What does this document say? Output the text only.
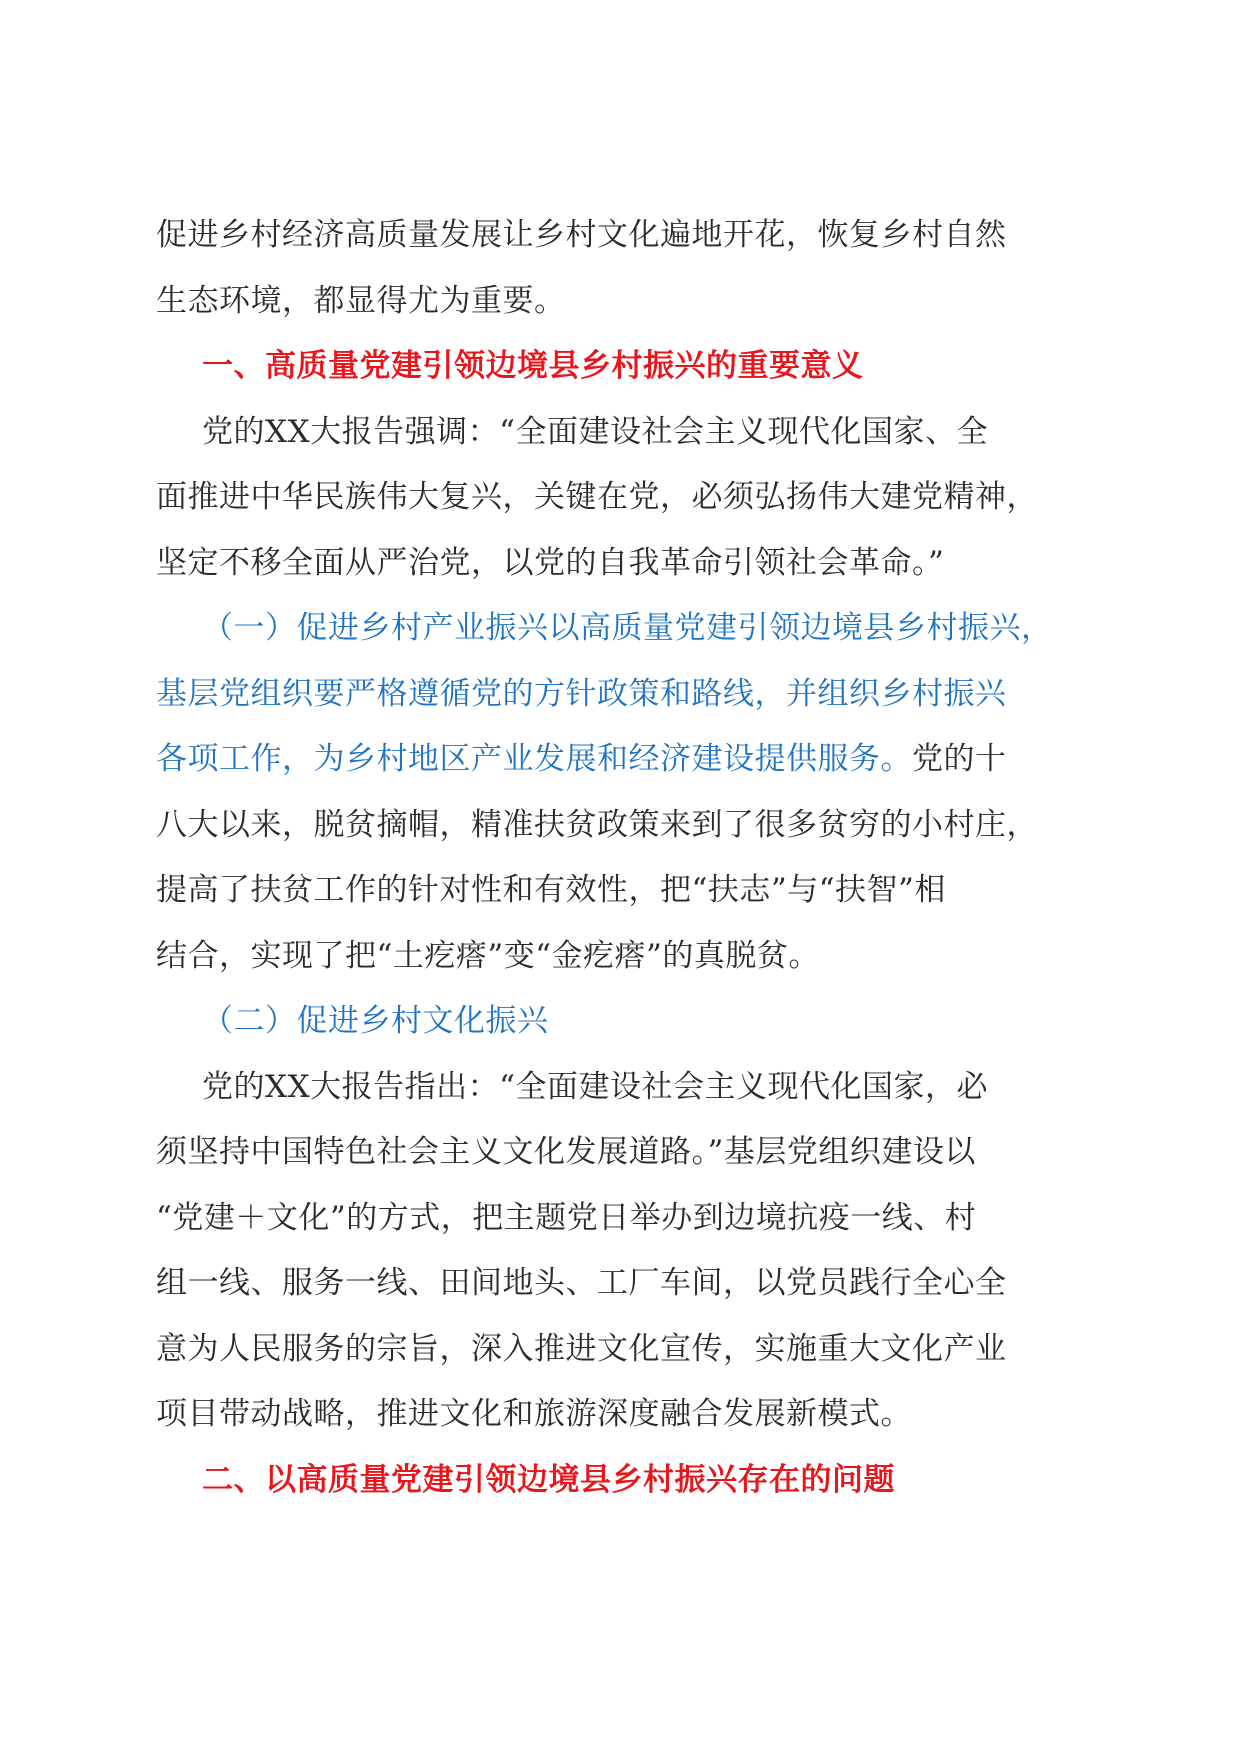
促进乡村经济高质量发展让乡村文化遍地开花，恢复乡村自然
生态环境，都显得尤为重要。
一、高质量党建引领边境县乡村振兴的重要意义
党的XX大报告强调：“全面建设社会主义现代化国家、全
面推进中华民族伟大复兴，关键在党，必须弘扬伟大建党精神，
坚定不移全面从严治党，以党的自我革命引领社会革命。”
（一）促进乡村产业振兴以高质量党建引领边境县乡村振兴，
基层党组织要严格遵循党的方针政策和路线，并组织乡村振兴
各项工作，为乡村地区产业发展和经济建设提供服务。党的十
八大以来，脱贫摘帽，精准扶贫政策来到了很多贫穷的小村庄，
提高了扶贫工作的针对性和有效性，把“扶志”与“扶智”相
结合，实现了把“土疙瘩”变“金疙瘩”的真脱贫。
（二）促进乡村文化振兴
党的XX大报告指出：“全面建设社会主义现代化国家，必
须坚持中国特色社会主义文化发展道路。”基层党组织建设以
“党建＋文化”的方式，把主题党日举办到边境抗疫一线、村
组一线、服务一线、田间地头、工厂车间，以党员践行全心全
意为人民服务的宗旨，深入推进文化宣传，实施重大文化产业
项目带动战略，推进文化和旅游深度融合发展新模式。
二、以高质量党建引领边境县乡村振兴存在的问题
